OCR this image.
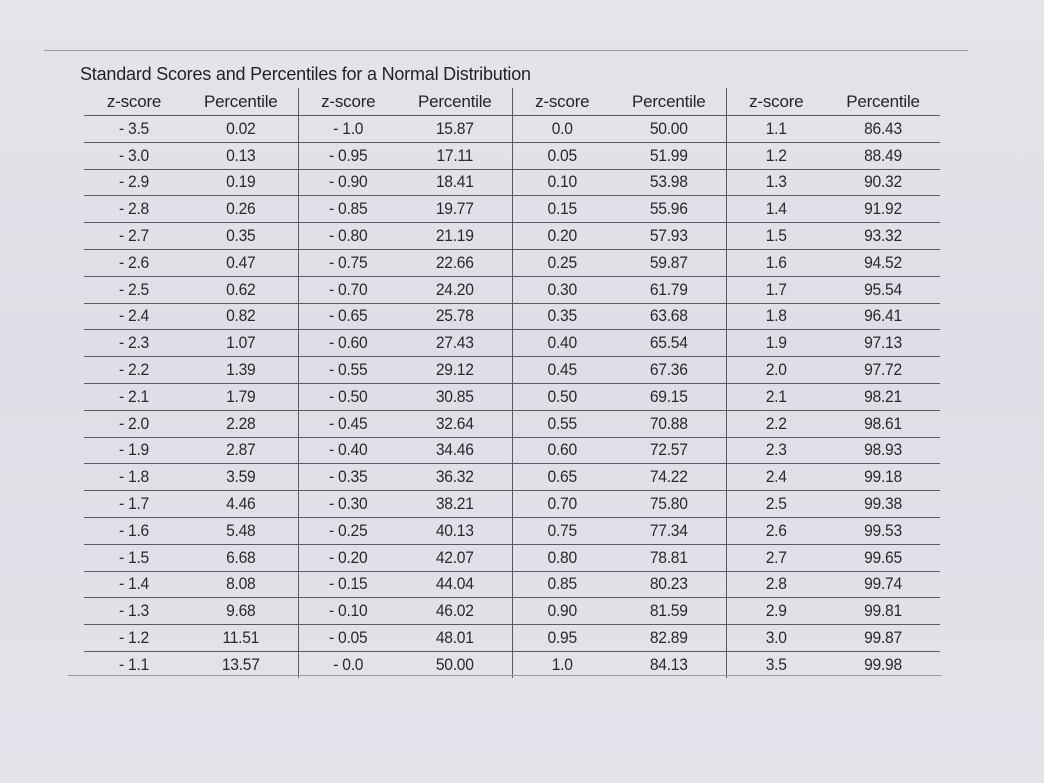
Standard Scores and Percentiles for a Normal Distribution
z-score	Percentile	z-score	Percentile	z-score	Percentile	z-score	Percentile
- 3.5	0.02	- 1.0	15.87	0.0	50.00	1.1	86.43
- 3.0	0.13	- 0.95	17.11	0.05	51.99	1.2	88.49
- 2.9	0.19	- 0.90	18.41	0.10	53.98	1.3	90.32
- 2.8	0.26	- 0.85	19.77	0.15	55.96	1.4	91.92
- 2.7	0.35	- 0.80	21.19	0.20	57.93	1.5	93.32
- 2.6	0.47	- 0.75	22.66	0.25	59.87	1.6	94.52
- 2.5	0.62	- 0.70	24.20	0.30	61.79	1.7	95.54
- 2.4	0.82	- 0.65	25.78	0.35	63.68	1.8	96.41
- 2.3	1.07	- 0.60	27.43	0.40	65.54	1.9	97.13
- 2.2	1.39	- 0.55	29.12	0.45	67.36	2.0	97.72
- 2.1	1.79	- 0.50	30.85	0.50	69.15	2.1	98.21
- 2.0	2.28	- 0.45	32.64	0.55	70.88	2.2	98.61
- 1.9	2.87	- 0.40	34.46	0.60	72.57	2.3	98.93
- 1.8	3.59	- 0.35	36.32	0.65	74.22	2.4	99.18
- 1.7	4.46	- 0.30	38.21	0.70	75.80	2.5	99.38
- 1.6	5.48	- 0.25	40.13	0.75	77.34	2.6	99.53
- 1.5	6.68	- 0.20	42.07	0.80	78.81	2.7	99.65
- 1.4	8.08	- 0.15	44.04	0.85	80.23	2.8	99.74
- 1.3	9.68	- 0.10	46.02	0.90	81.59	2.9	99.81
- 1.2	11.51	- 0.05	48.01	0.95	82.89	3.0	99.87
- 1.1	13.57	- 0.0	50.00	1.0	84.13	3.5	99.98
